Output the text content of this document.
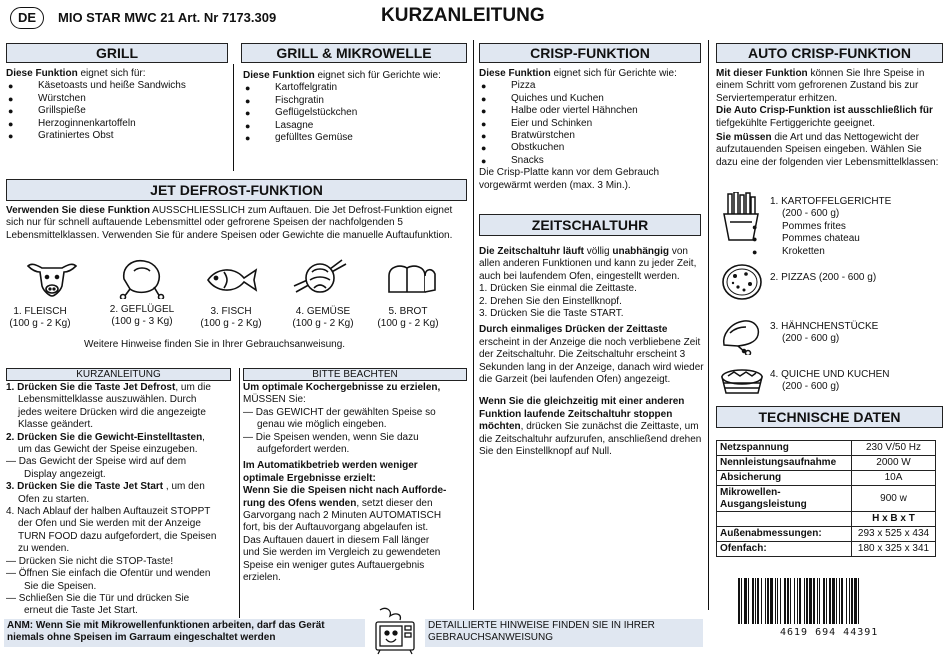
DE	MIO STAR MWC 21 Art. Nr 7173.309	KURZANLEITUNG
GRILL
Diese Funktion eignet sich für:
● Käsetoasts und heiße Sandwichs
● Würstchen
● Grillspieße
● Herzoginnenkartoffeln
● Gratiniertes Obst
GRILL & MIKROWELLE
Diese Funktion eignet sich für Gerichte wie:
● Kartoffelgratin
● Fischgratin
● Geflügelstückchen
● Lasagne
● gefülltes Gemüse
CRISP-FUNKTION
Diese Funktion eignet sich für Gerichte wie:
● Pizza
● Quiches und Kuchen
● Halbe oder viertel Hähnchen
● Eier und Schinken
● Bratwürstchen
● Obstkuchen
● Snacks
Die Crisp-Platte kann vor dem Gebrauch vorgewärmt werden (max. 3 Min.).
AUTO CRISP-FUNKTION
Mit dieser Funktion können Sie Ihre Speise in einem Schritt vom gefrorenen Zustand bis zur Serviertemperatur erhitzen.
Die Auto Crisp-Funktion ist ausschließlich für tiefgekühlte Fertiggerichte geeignet.
Sie müssen die Art und das Nettogewicht der aufzutauenden Speisen eingeben. Wählen Sie dazu eine der folgenden vier Lebensmittelklassen:
1. KARTOFFELGERICHTE
(200 - 600 g)
● Pommes frites
● Pommes chateau
● Kroketten
2. PIZZAS (200 - 600 g)
3. HÄHNCHENSTÜCKE
(200 - 600 g)
4. QUICHE UND KUCHEN
(200 - 600 g)
TECHNISCHE DATEN
Netzspannung	230 V/50 Hz
Nennleistungsaufnahme	2000 W
Absicherung	10A
Mikrowellen-
Ausgangsleistung	900 w
	H x B x T
Außenabmessungen:	293 x 525 x 434
Ofenfach:	180 x 325 x 341
4619 694 44391
JET DEFROST-FUNKTION
Verwenden Sie diese Funktion AUSSCHLIESSLICH zum Auftauen. Die Jet Defrost-Funktion eignet sich nur für schnell auftauende Lebensmittel oder gefrorene Speisen der nachfolgenden 5 Lebensmittelklassen. Verwenden Sie für andere Speisen oder Gewichte die manuelle Auftaufunktion.
1. FLEISCH
(100 g - 2 Kg)
2. GEFLÜGEL
(100 g - 3 Kg)
3. FISCH
(100 g - 2 Kg)
4. GEMÜSE
(100 g - 2 Kg)
5. BROT
(100 g - 2 Kg)
Weitere Hinweise finden Sie in Ihrer Gebrauchsanweisung.
KURZANLEITUNG
1. Drücken Sie die Taste Jet Defrost, um die
Lebensmittelklasse auszuwählen. Durch
jedes weitere Drücken wird die angezeigte
Klasse geändert.
2. Drücken Sie die Gewicht-Einstelltasten,
um das Gewicht der Speise einzugeben.
— Das Gewicht der Speise wird auf dem
Display angezeigt.
3. Drücken Sie die Taste Jet Start , um den
Ofen zu starten.
4. Nach Ablauf der halben Auftauzeit STOPPT
der Ofen und Sie werden mit der Anzeige
TURN FOOD dazu aufgefordert, die Speisen
zu wenden.
— Drücken Sie nicht die STOP-Taste!
— Öffnen Sie einfach die Ofentür und wenden
Sie die Speisen.
— Schließen Sie die Tür und drücken Sie
erneut die Taste Jet Start.
BITTE BEACHTEN
Um optimale Kochergebnisse zu erzielen,
MÜSSEN Sie:
— Das GEWICHT der gewählten Speise so
genau wie möglich eingeben.
— Die Speisen wenden, wenn Sie dazu
aufgefordert werden.
Im Automatikbetrieb werden weniger
optimale Ergebnisse erzielt:
Wenn Sie die Speisen nicht nach Auffordе-
rung des Ofens wenden, setzt dieser den
Garvorgang nach 2 Minuten AUTOMATISCH
fort, bis der Auftauvorgang abgelaufen ist.
Das Auftauen dauert in diesem Fall länger
und Sie werden im Vergleich zu gewendeten
Speise ein weniger gutes Auftauergebnis
erzielen.
ZEITSCHALTUHR
Die Zeitschaltuhr läuft völlig unabhängig von allen anderen Funktionen und kann zu jeder Zeit, auch bei laufendem Ofen, eingestellt werden.
1. Drücken Sie einmal die Zeittaste.
2. Drehen Sie den Einstellknopf.
3. Drücken Sie die Taste START.
Durch einmaliges Drücken der Zeittaste erscheint in der Anzeige die noch verbliebene Zeit der Zeitschaltuhr. Die Zeitschaltuhr erscheint 3 Sekunden lang in der Anzeige, danach wird wieder die Garzeit (bei laufenden Ofen) angezeigt.
Wenn Sie die gleichzeitig mit einer anderen Funktion laufende Zeitschaltuhr stoppen möchten, drücken Sie zunächst die Zeittaste, um die Zeitschaltuhr aufzurufen, anschließend drehen Sie den Einstellknopf auf Null.
ANM: Wenn Sie mit Mikrowellenfunktionen arbeiten, darf das Gerät niemals ohne Speisen im Garraum eingeschaltet werden
DETAILLIERTE HINWEISE FINDEN SIE IN IHRER GEBRAUCHSANWEISUNG
